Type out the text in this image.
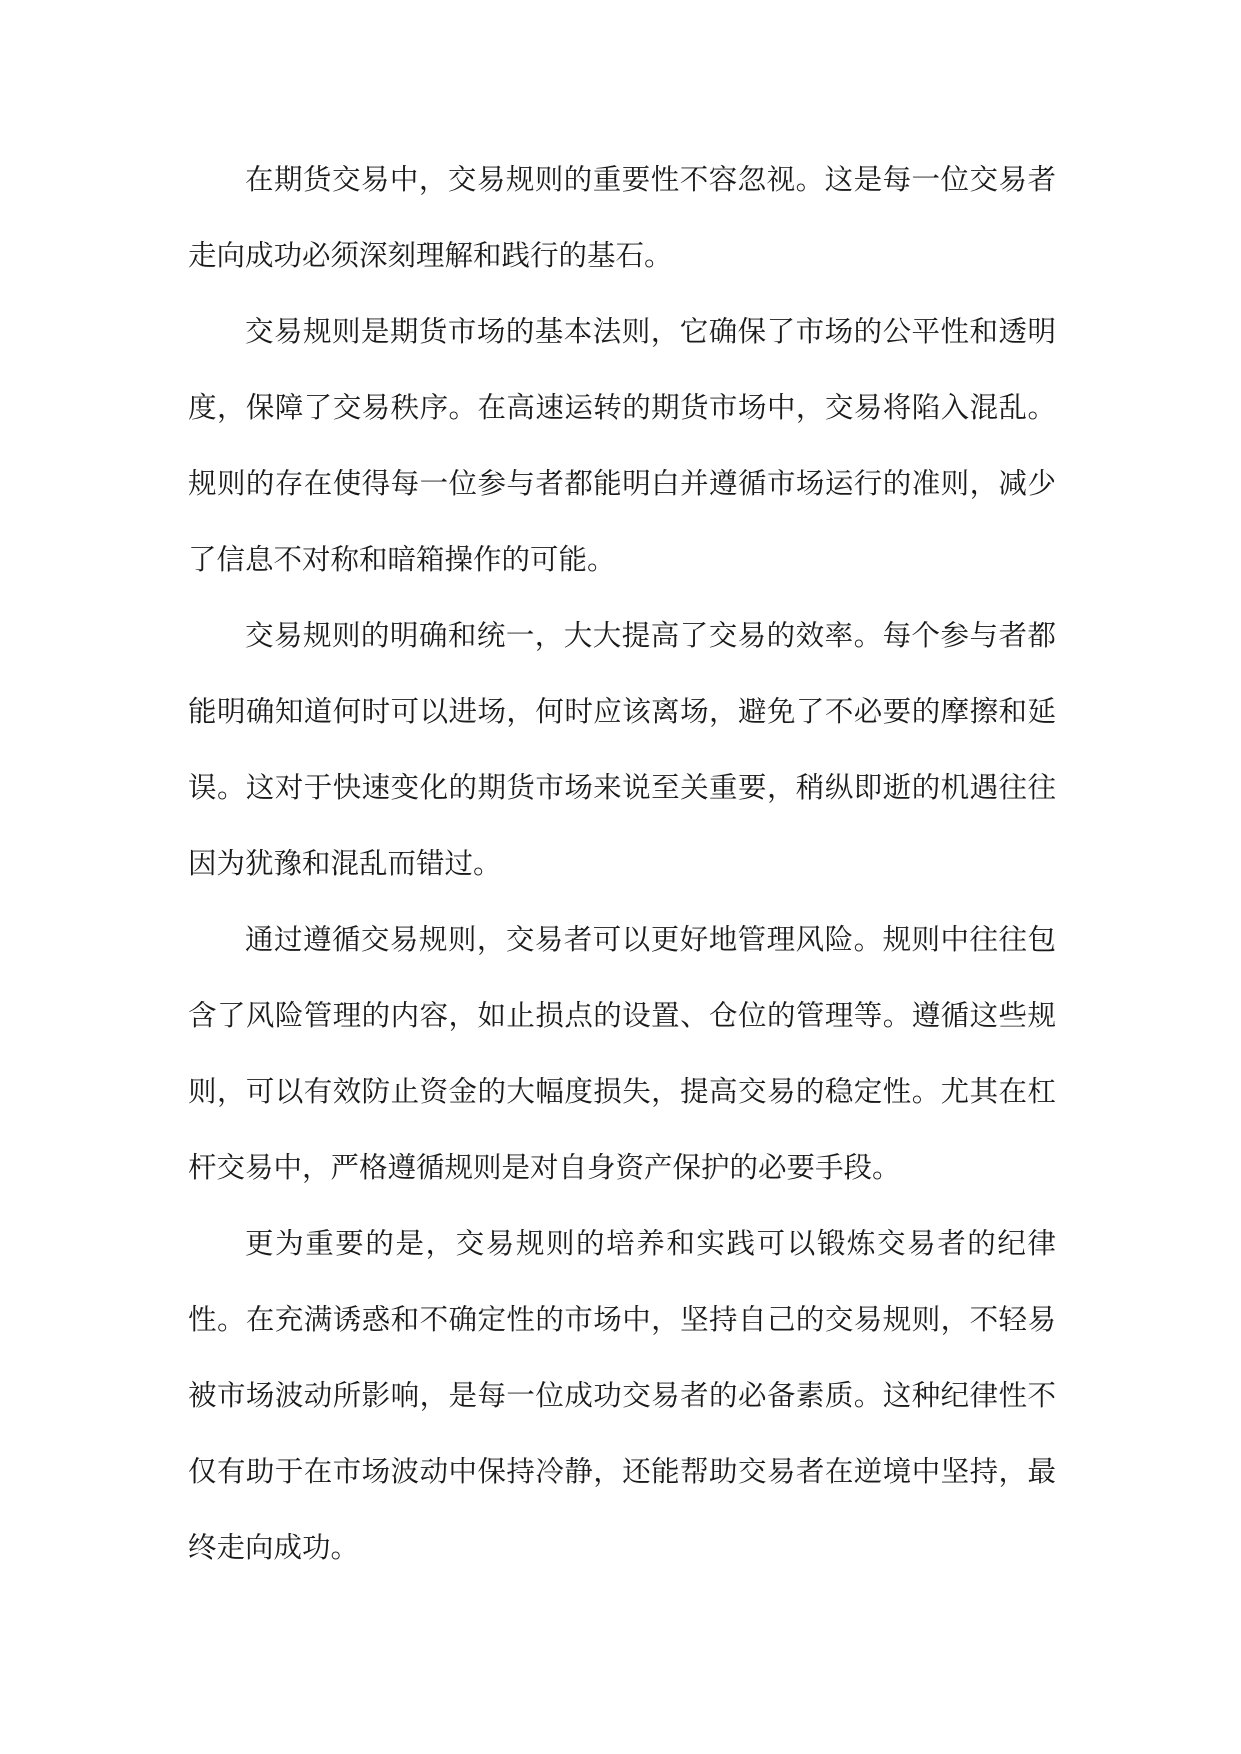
在期货交易中，交易规则的重要性不容忽视。这是每一位交易者走向成功必须深刻理解和践行的基石。

交易规则是期货市场的基本法则，它确保了市场的公平性和透明度，保障了交易秩序。在高速运转的期货市场中，交易将陷入混乱。规则的存在使得每一位参与者都能明白并遵循市场运行的准则，减少了信息不对称和暗箱操作的可能。

交易规则的明确和统一，大大提高了交易的效率。每个参与者都能明确知道何时可以进场，何时应该离场，避免了不必要的摩擦和延误。这对于快速变化的期货市场来说至关重要，稍纵即逝的机遇往往因为犹豫和混乱而错过。

通过遵循交易规则，交易者可以更好地管理风险。规则中往往包含了风险管理的内容，如止损点的设置、仓位的管理等。遵循这些规则，可以有效防止资金的大幅度损失，提高交易的稳定性。尤其在杠杆交易中，严格遵循规则是对自身资产保护的必要手段。

更为重要的是，交易规则的培养和实践可以锻炼交易者的纪律性。在充满诱惑和不确定性的市场中，坚持自己的交易规则，不轻易被市场波动所影响，是每一位成功交易者的必备素质。这种纪律性不仅有助于在市场波动中保持冷静，还能帮助交易者在逆境中坚持，最终走向成功。
